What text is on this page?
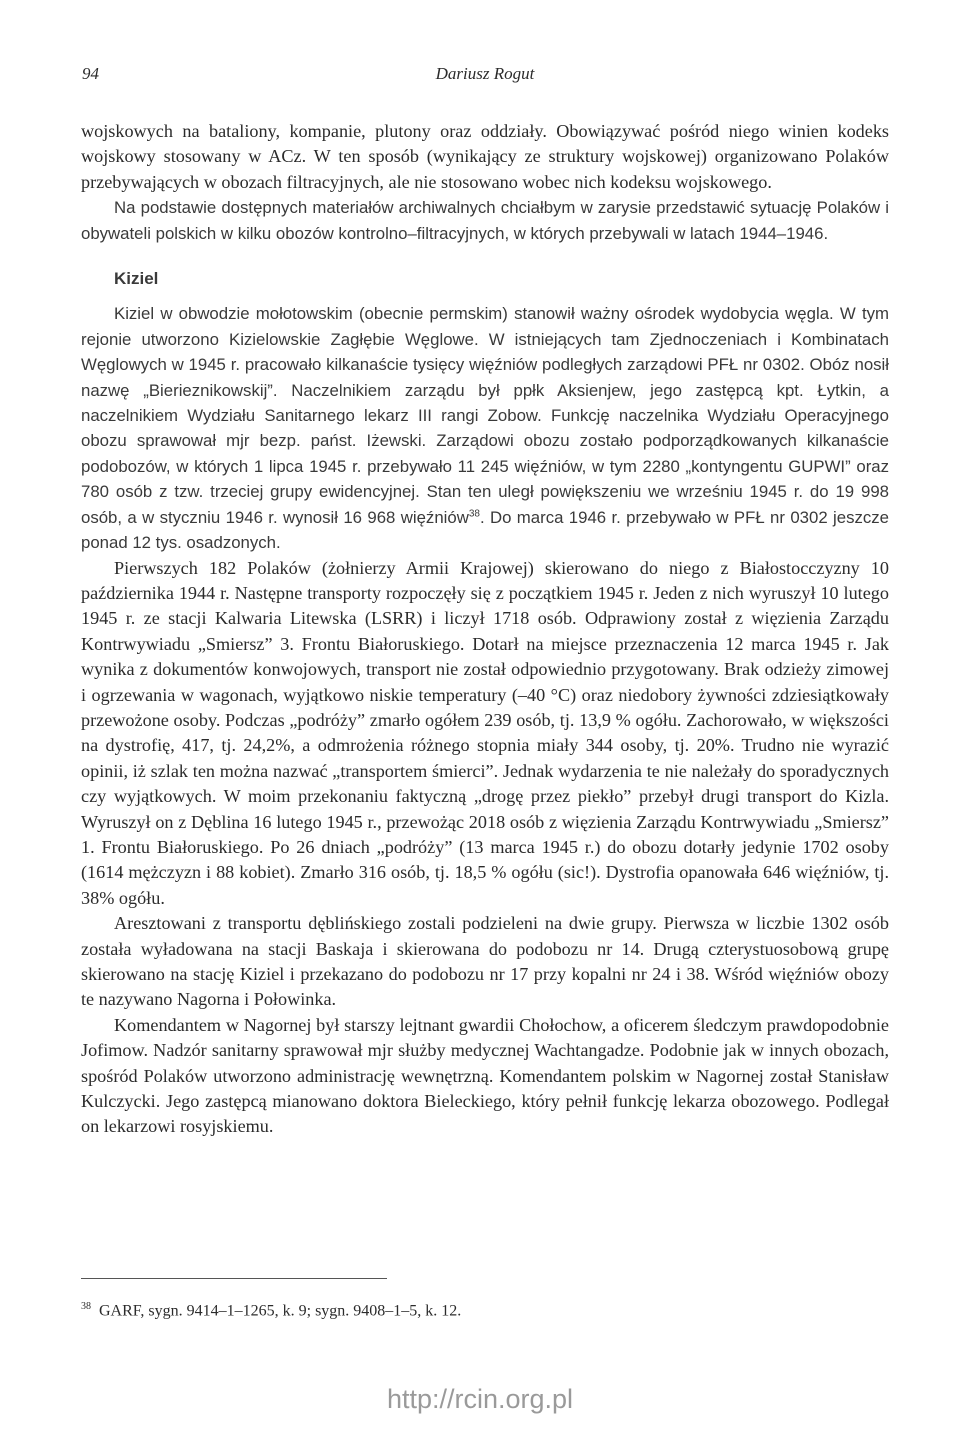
94	Dariusz Rogut

wojskowych na bataliony, kompanie, plutony oraz oddziały. Obowiązywać pośród niego winien kodeks wojskowy stosowany w ACz. W ten sposób (wynikający ze struktury wojskowej) organizowano Polaków przebywających w obozach filtracyjnych, ale nie stosowano wobec nich kodeksu wojskowego.

Na podstawie dostępnych materiałów archiwalnych chciałbym w zarysie przedstawić sytuację Polaków i obywateli polskich w kilku obozów kontrolno–filtracyjnych, w których przebywali w latach 1944–1946.

Kiziel

Kiziel w obwodzie mołotowskim (obecnie permskim) stanowił ważny ośrodek wydobycia węgla. W tym rejonie utworzono Kizielowskie Zagłębie Węglowe. W istniejących tam Zjednoczeniach i Kombinatach Węglowych w 1945 r. pracowało kilkanaście tysięcy więźniów podległych zarządowi PFŁ nr 0302. Obóz nosił nazwę „Bierieznikowskij”. Naczelnikiem zarządu był ppłk Aksienjew, jego zastępcą kpt. Łytkin, a naczelnikiem Wydziału Sanitarnego lekarz III rangi Zobow. Funkcję naczelnika Wydziału Operacyjnego obozu sprawował mjr bezp. państ. Iżewski. Zarządowi obozu zostało podporządkowanych kilkanaście podobozów, w których 1 lipca 1945 r. przebywało 11 245 więźniów, w tym 2280 „kontyngentu GUPWI” oraz 780 osób z tzw. trzeciej grupy ewidencyjnej. Stan ten uległ powiększeniu we wrześniu 1945 r. do 19 998 osób, a w styczniu 1946 r. wynosił 16 968 więźniów$^{38}$. Do marca 1946 r. przebywało w PFŁ nr 0302 jeszcze ponad 12 tys. osadzonych.

Pierwszych 182 Polaków (żołnierzy Armii Krajowej) skierowano do niego z Białostocczyzny 10 października 1944 r. Następne transporty rozpoczęły się z początkiem 1945 r. Jeden z nich wyruszył 10 lutego 1945 r. ze stacji Kalwaria Litewska (LSRR) i liczył 1718 osób. Odprawiony został z więzienia Zarządu Kontrwywiadu „Smiersz” 3. Frontu Białoruskiego. Dotarł na miejsce przeznaczenia 12 marca 1945 r. Jak wynika z dokumentów konwojowych, transport nie został odpowiednio przygotowany. Brak odzieży zimowej i ogrzewania w wagonach, wyjątkowo niskie temperatury (–40 °C) oraz niedobory żywności zdziesiątkowały przewożone osoby. Podczas „podróży” zmarło ogółem 239 osób, tj. 13,9 % ogółu. Zachorowało, w większości na dystrofię, 417, tj. 24,2%, a odmrożenia różnego stopnia miały 344 osoby, tj. 20%. Trudno nie wyrazić opinii, iż szlak ten można nazwać „transportem śmierci”. Jednak wydarzenia te nie należały do sporadycznych czy wyjątkowych. W moim przekonaniu faktyczną „drogę przez piekło” przebył drugi transport do Kizla. Wyruszył on z Dęblina 16 lutego 1945 r., przewożąc 2018 osób z więzienia Zarządu Kontrwywiadu „Smiersz” 1. Frontu Białoruskiego. Po 26 dniach „podróży” (13 marca 1945 r.) do obozu dotarły jedynie 1702 osoby (1614 mężczyzn i 88 kobiet). Zmarło 316 osób, tj. 18,5 % ogółu (sic!). Dystrofia opanowała 646 więźniów, tj. 38% ogółu.

Aresztowani z transportu dęblińskiego zostali podzieleni na dwie grupy. Pierwsza w liczbie 1302 osób została wyładowana na stacji Baskaja i skierowana do podobozu nr 14. Drugą czterystuosobową grupę skierowano na stację Kiziel i przekazano do podobozu nr 17 przy kopalni nr 24 i 38. Wśród więźniów obozy te nazywano Nagorna i Połowinka.

Komendantem w Nagornej był starszy lejtnant gwardii Chołochow, a oficerem śledczym prawdopodobnie Jofimow. Nadzór sanitarny sprawował mjr służby medycznej Wachtangadze. Podobnie jak w innych obozach, spośród Polaków utworzono administrację wewnętrzną. Komendantem polskim w Nagornej został Stanisław Kulczycki. Jego zastępcą mianowano doktora Bieleckiego, który pełnił funkcję lekarza obozowego. Podlegał on lekarzowi rosyjskiemu.

$^{38}$ GARF, sygn. 9414–1–1265, k. 9; sygn. 9408–1–5, k. 12.
http://rcin.org.pl
